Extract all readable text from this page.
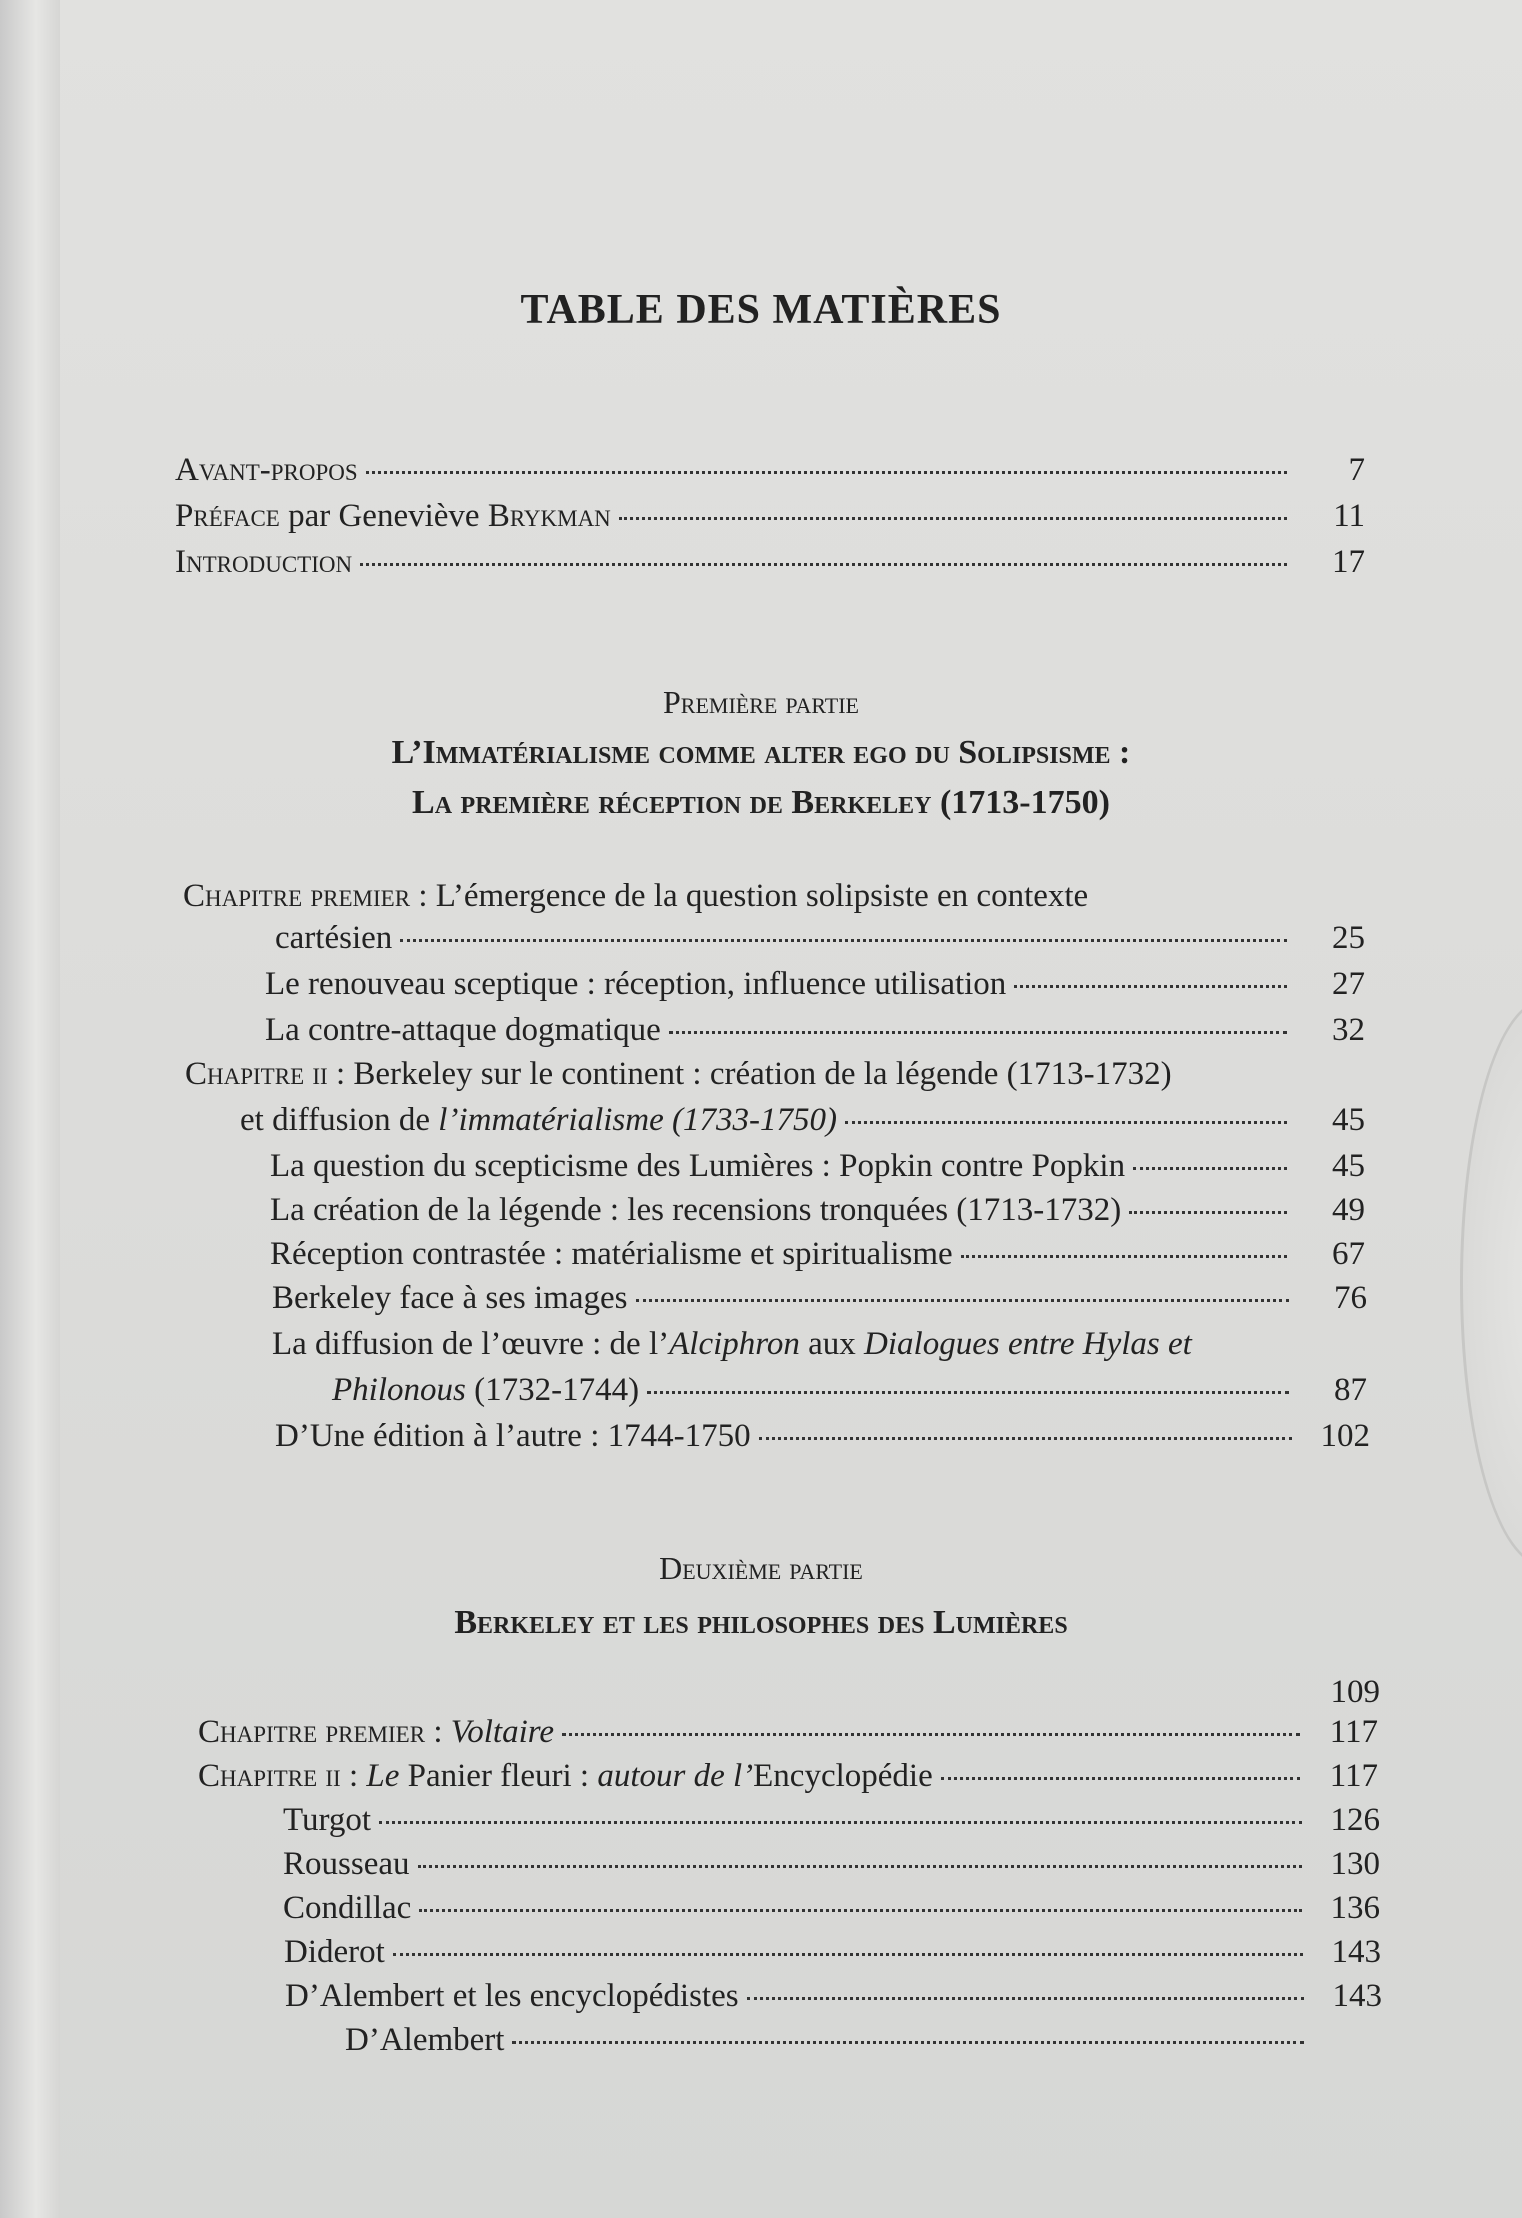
TABLE DES MATIÈRES
Avant-propos	7
Préface par Geneviève Brykman	11
Introduction	17
Première partie
L’Immatérialisme comme alter ego du Solipsisme :
La première réception de Berkeley (1713-1750)
Chapitre premier : L’émergence de la question solipsiste en contexte
cartésien	25
Le renouveau sceptique : réception, influence utilisation	27
La contre-attaque dogmatique	32
Chapitre ii : Berkeley sur le continent : création de la légende (1713-1732)
et diffusion de l’immatérialisme (1733-1750)	45
La question du scepticisme des Lumières : Popkin contre Popkin	45
La création de la légende : les recensions tronquées (1713-1732)	49
Réception contrastée : matérialisme et spiritualisme	67
Berkeley face à ses images	76
La diffusion de l’œuvre : de l’Alciphron aux Dialogues entre Hylas et
Philonous (1732-1744)	87
D’Une édition à l’autre : 1744-1750	102
Deuxième partie
Berkeley et les philosophes des Lumières
109
Chapitre premier : Voltaire	117
Chapitre ii : Le Panier fleuri : autour de l’Encyclopédie	117
Turgot	126
Rousseau	130
Condillac	136
Diderot	143
D’Alembert et les encyclopédistes	143
D’Alembert
